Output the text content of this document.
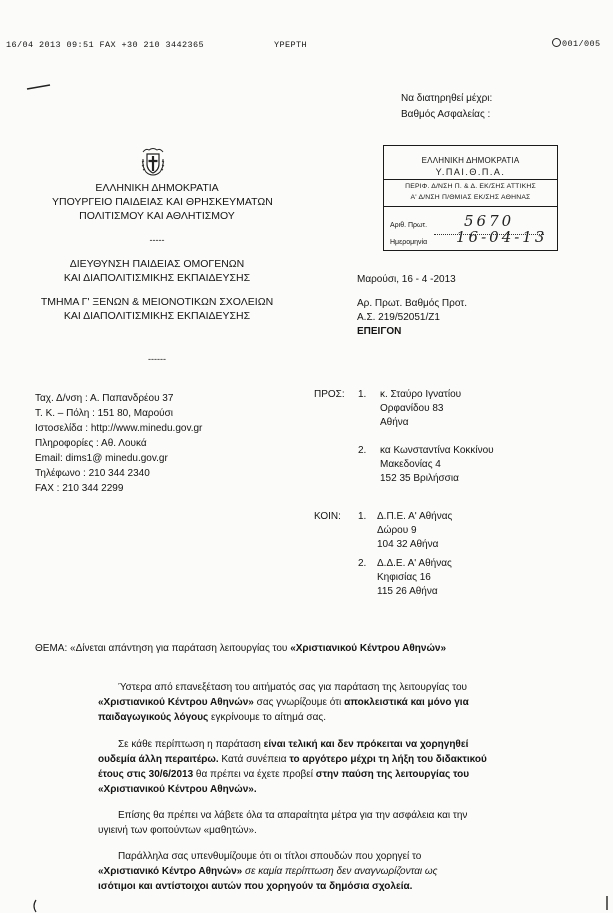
16/04 2013 09:51 FAX +30 210 3442365	ΥΡΕΡΤΗ	001/005
Να διατηρηθεί μέχρι:
Βαθμός Ασφαλείας :
ΕΛΛΗΝΙΚΗ ΔΗΜΟΚΡΑΤΙΑ
ΥΠΟΥΡΓΕΙΟ ΠΑΙΔΕΙΑΣ ΚΑΙ ΘΡΗΣΚΕΥΜΑΤΩΝ
ΠΟΛΙΤΙΣΜΟΥ ΚΑΙ ΑΘΛΗΤΙΣΜΟΥ
-----
ΔΙΕΥΘΥΝΣΗ ΠΑΙΔΕΙΑΣ ΟΜΟΓΕΝΩΝ
ΚΑΙ ΔΙΑΠΟΛΙΤΙΣΜΙΚΗΣ ΕΚΠΑΙΔΕΥΣΗΣ
ΤΜΗΜΑ Γ' ΞΕΝΩΝ & ΜΕΙΟΝΟΤΙΚΩΝ ΣΧΟΛΕΙΩΝ
ΚΑΙ ΔΙΑΠΟΛΙΤΙΣΜΙΚΗΣ ΕΚΠΑΙΔΕΥΣΗΣ
------
ΕΛΛΗΝΙΚΗ ΔΗΜΟΚΡΑΤΙΑ
Υ.ΠΑΙ.Θ.Π.Α.
ΠΕΡΙΦ. Δ/ΝΣΗ Π. & Δ. ΕΚ/ΣΗΣ ΑΤΤΙΚΗΣ
Α' Δ/ΝΣΗ Π/ΘΜΙΑΣ ΕΚ/ΣΗΣ ΑΘΗΝΑΣ
Αριθ. Πρωτ. 5670
Ημερομηνία 16-04-13
Μαρούσι, 16 - 4 -2013
Αρ. Πρωτ. Βαθμός Προτ.
Α.Σ. 219/52051/Ζ1
ΕΠΕΙΓΟΝ
Ταχ. Δ/νση : Α. Παπανδρέου 37
Τ. Κ. – Πόλη : 151 80, Μαρούσι
Ιστοσελίδα : http://www.minedu.gov.gr
Πληροφορίες : Αθ. Λουκά
Email: dims1@ minedu.gov.gr
Τηλέφωνο : 210 344 2340
FAX : 210 344 2299
ΠΡΟΣ: 1. κ. Σταύρο Ιγνατίου
Ορφανίδου 83
Αθήνα
2. κα Κωνσταντίνα Κοκκίνου
Μακεδονίας 4
152 35 Βριλήσσια
ΚΟΙΝ: 1. Δ.Π.Ε. Α' Αθήνας
Δώρου 9
104 32 Αθήνα
2. Δ.Δ.Ε. Α' Αθήνας
Κηφισίας 16
115 26 Αθήνα
ΘΕΜΑ: «Δίνεται απάντηση για παράταση λειτουργίας του «Χριστιανικού Κέντρου Αθηνών»
Ύστερα από επανεξέταση του αιτήματός σας για παράταση της λειτουργίας του
«Χριστιανικού Κέντρου Αθηνών» σας γνωρίζουμε ότι αποκλειστικά και μόνο για
παιδαγωγικούς λόγους εγκρίνουμε το αίτημά σας.
Σε κάθε περίπτωση η παράταση είναι τελική και δεν πρόκειται να χορηγηθεί
ουδεμία άλλη περαιτέρω. Κατά συνέπεια το αργότερο μέχρι τη λήξη του διδακτικού
έτους στις 30/6/2013 θα πρέπει να έχετε προβεί στην παύση της λειτουργίας του
«Χριστιανικού Κέντρου Αθηνών».
Επίσης θα πρέπει να λάβετε όλα τα απαραίτητα μέτρα για την ασφάλεια και την
υγιεινή των φοιτούντων «μαθητών».
Παράλληλα σας υπενθυμίζουμε ότι οι τίτλοι σπουδών που χορηγεί το
«Χριστιανικό Κέντρο Αθηνών» σε καμία περίπτωση δεν αναγνωρίζονται ως
ισότιμοι και αντίστοιχοι αυτών που χορηγούν τα δημόσια σχολεία.
